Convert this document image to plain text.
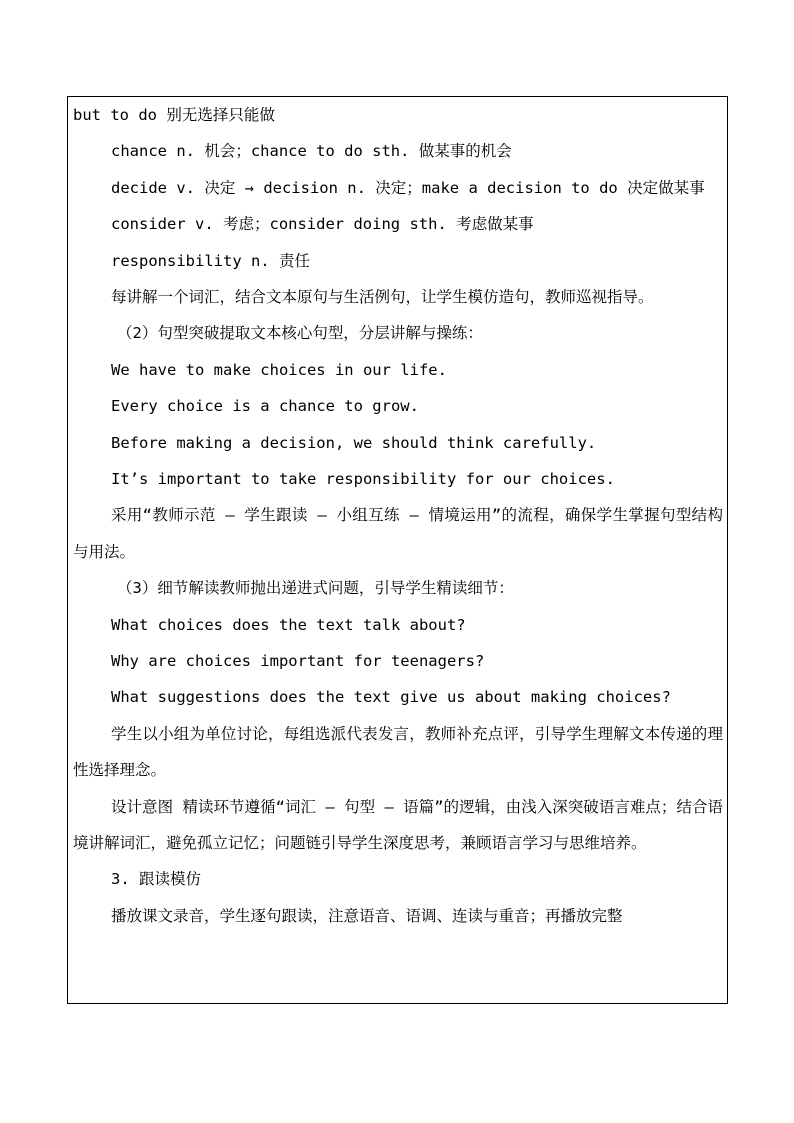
but to do 别无选择只能做
chance n. 机会；chance to do sth. 做某事的机会
decide v. 决定 → decision n. 决定；make a decision to do 决定做某事
consider v. 考虑；consider doing sth. 考虑做某事
responsibility n. 责任
每讲解一个词汇，结合文本原句与生活例句，让学生模仿造句，教师巡视指导。
（2）句型突破提取文本核心句型，分层讲解与操练：
We have to make choices in our life.
Every choice is a chance to grow.
Before making a decision, we should think carefully.
It’s important to take responsibility for our choices.
采用“教师示范 — 学生跟读 — 小组互练 — 情境运用”的流程，确保学生掌握句型结构与用法。
（3）细节解读教师抛出递进式问题，引导学生精读细节：
What choices does the text talk about?
Why are choices important for teenagers?
What suggestions does the text give us about making choices?
学生以小组为单位讨论，每组选派代表发言，教师补充点评，引导学生理解文本传递的理性选择理念。
设计意图 精读环节遵循“词汇 — 句型 — 语篇”的逻辑，由浅入深突破语言难点；结合语境讲解词汇，避免孤立记忆；问题链引导学生深度思考，兼顾语言学习与思维培养。
3. 跟读模仿
播放课文录音，学生逐句跟读，注意语音、语调、连读与重音；再播放完整
